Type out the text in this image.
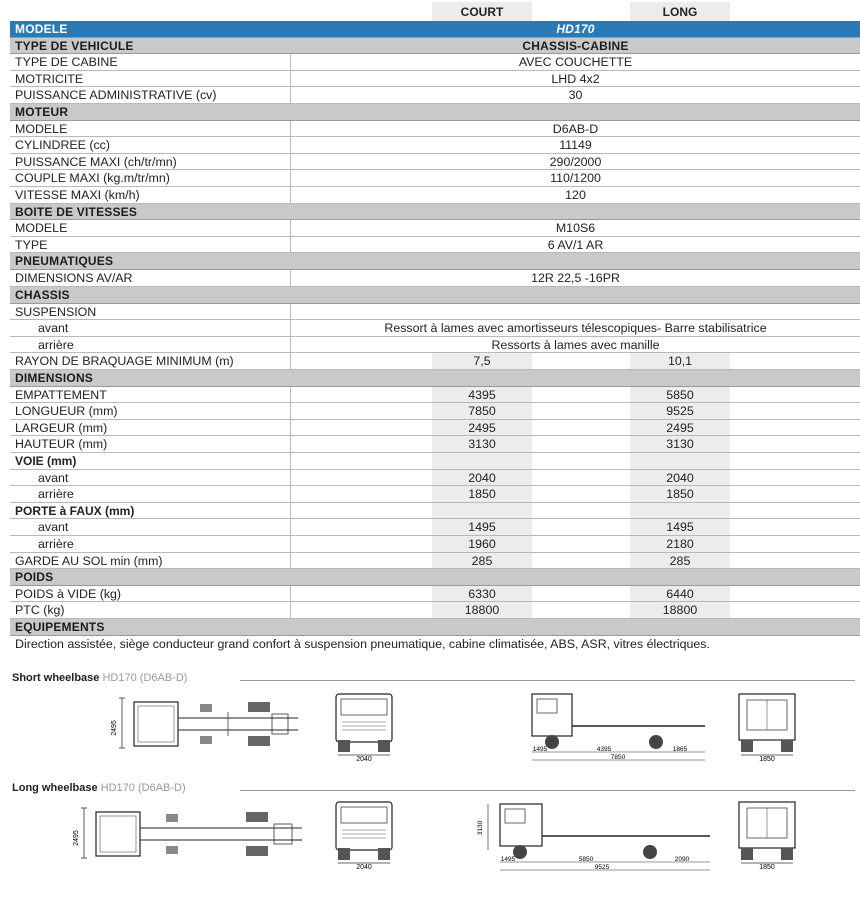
COURT	LONG
MODELE	HD170
TYPE DE VEHICULE	CHASSIS-CABINE
TYPE DE CABINE	AVEC COUCHETTE
MOTRICITE	LHD 4x2
PUISSANCE ADMINISTRATIVE (cv)	30
MOTEUR
MODELE	D6AB-D
CYLINDREE (cc)	11149
PUISSANCE MAXI (ch/tr/mn)	290/2000
COUPLE MAXI (kg.m/tr/mn)	110/1200
VITESSE MAXI (km/h)	120
BOITE DE VITESSES
MODELE	M10S6
TYPE	6 AV/1 AR
PNEUMATIQUES
DIMENSIONS AV/AR	12R 22,5 -16PR
CHASSIS
SUSPENSION
avant	Ressort à lames avec amortisseurs télescopiques- Barre stabilisatrice
arrière	Ressorts à lames avec manille
RAYON DE BRAQUAGE MINIMUM (m)	7,5	10,1
DIMENSIONS
EMPATTEMENT	4395	5850
LONGUEUR (mm)	7850	9525
LARGEUR (mm)	2495	2495
HAUTEUR (mm)	3130	3130
VOIE (mm)
avant	2040	2040
arrière	1850	1850
PORTE à FAUX (mm)
avant	1495	1495
arrière	1960	2180
GARDE AU SOL min (mm)	285	285
POIDS
POIDS à VIDE (kg)	6330	6440
PTC (kg)	18800	18800
EQUIPEMENTS
Direction assistée, siège conducteur grand confort à suspension pneumatique, cabine climatisée, ABS, ASR, vitres électriques.
Short wheelbase HD170 (D6AB-D)
2495
2040
1495	4395	1865
7850	1850
Long wheelbase HD170 (D6AB-D)
2495
2040
3130
1495	5850	2090
9525	1850
